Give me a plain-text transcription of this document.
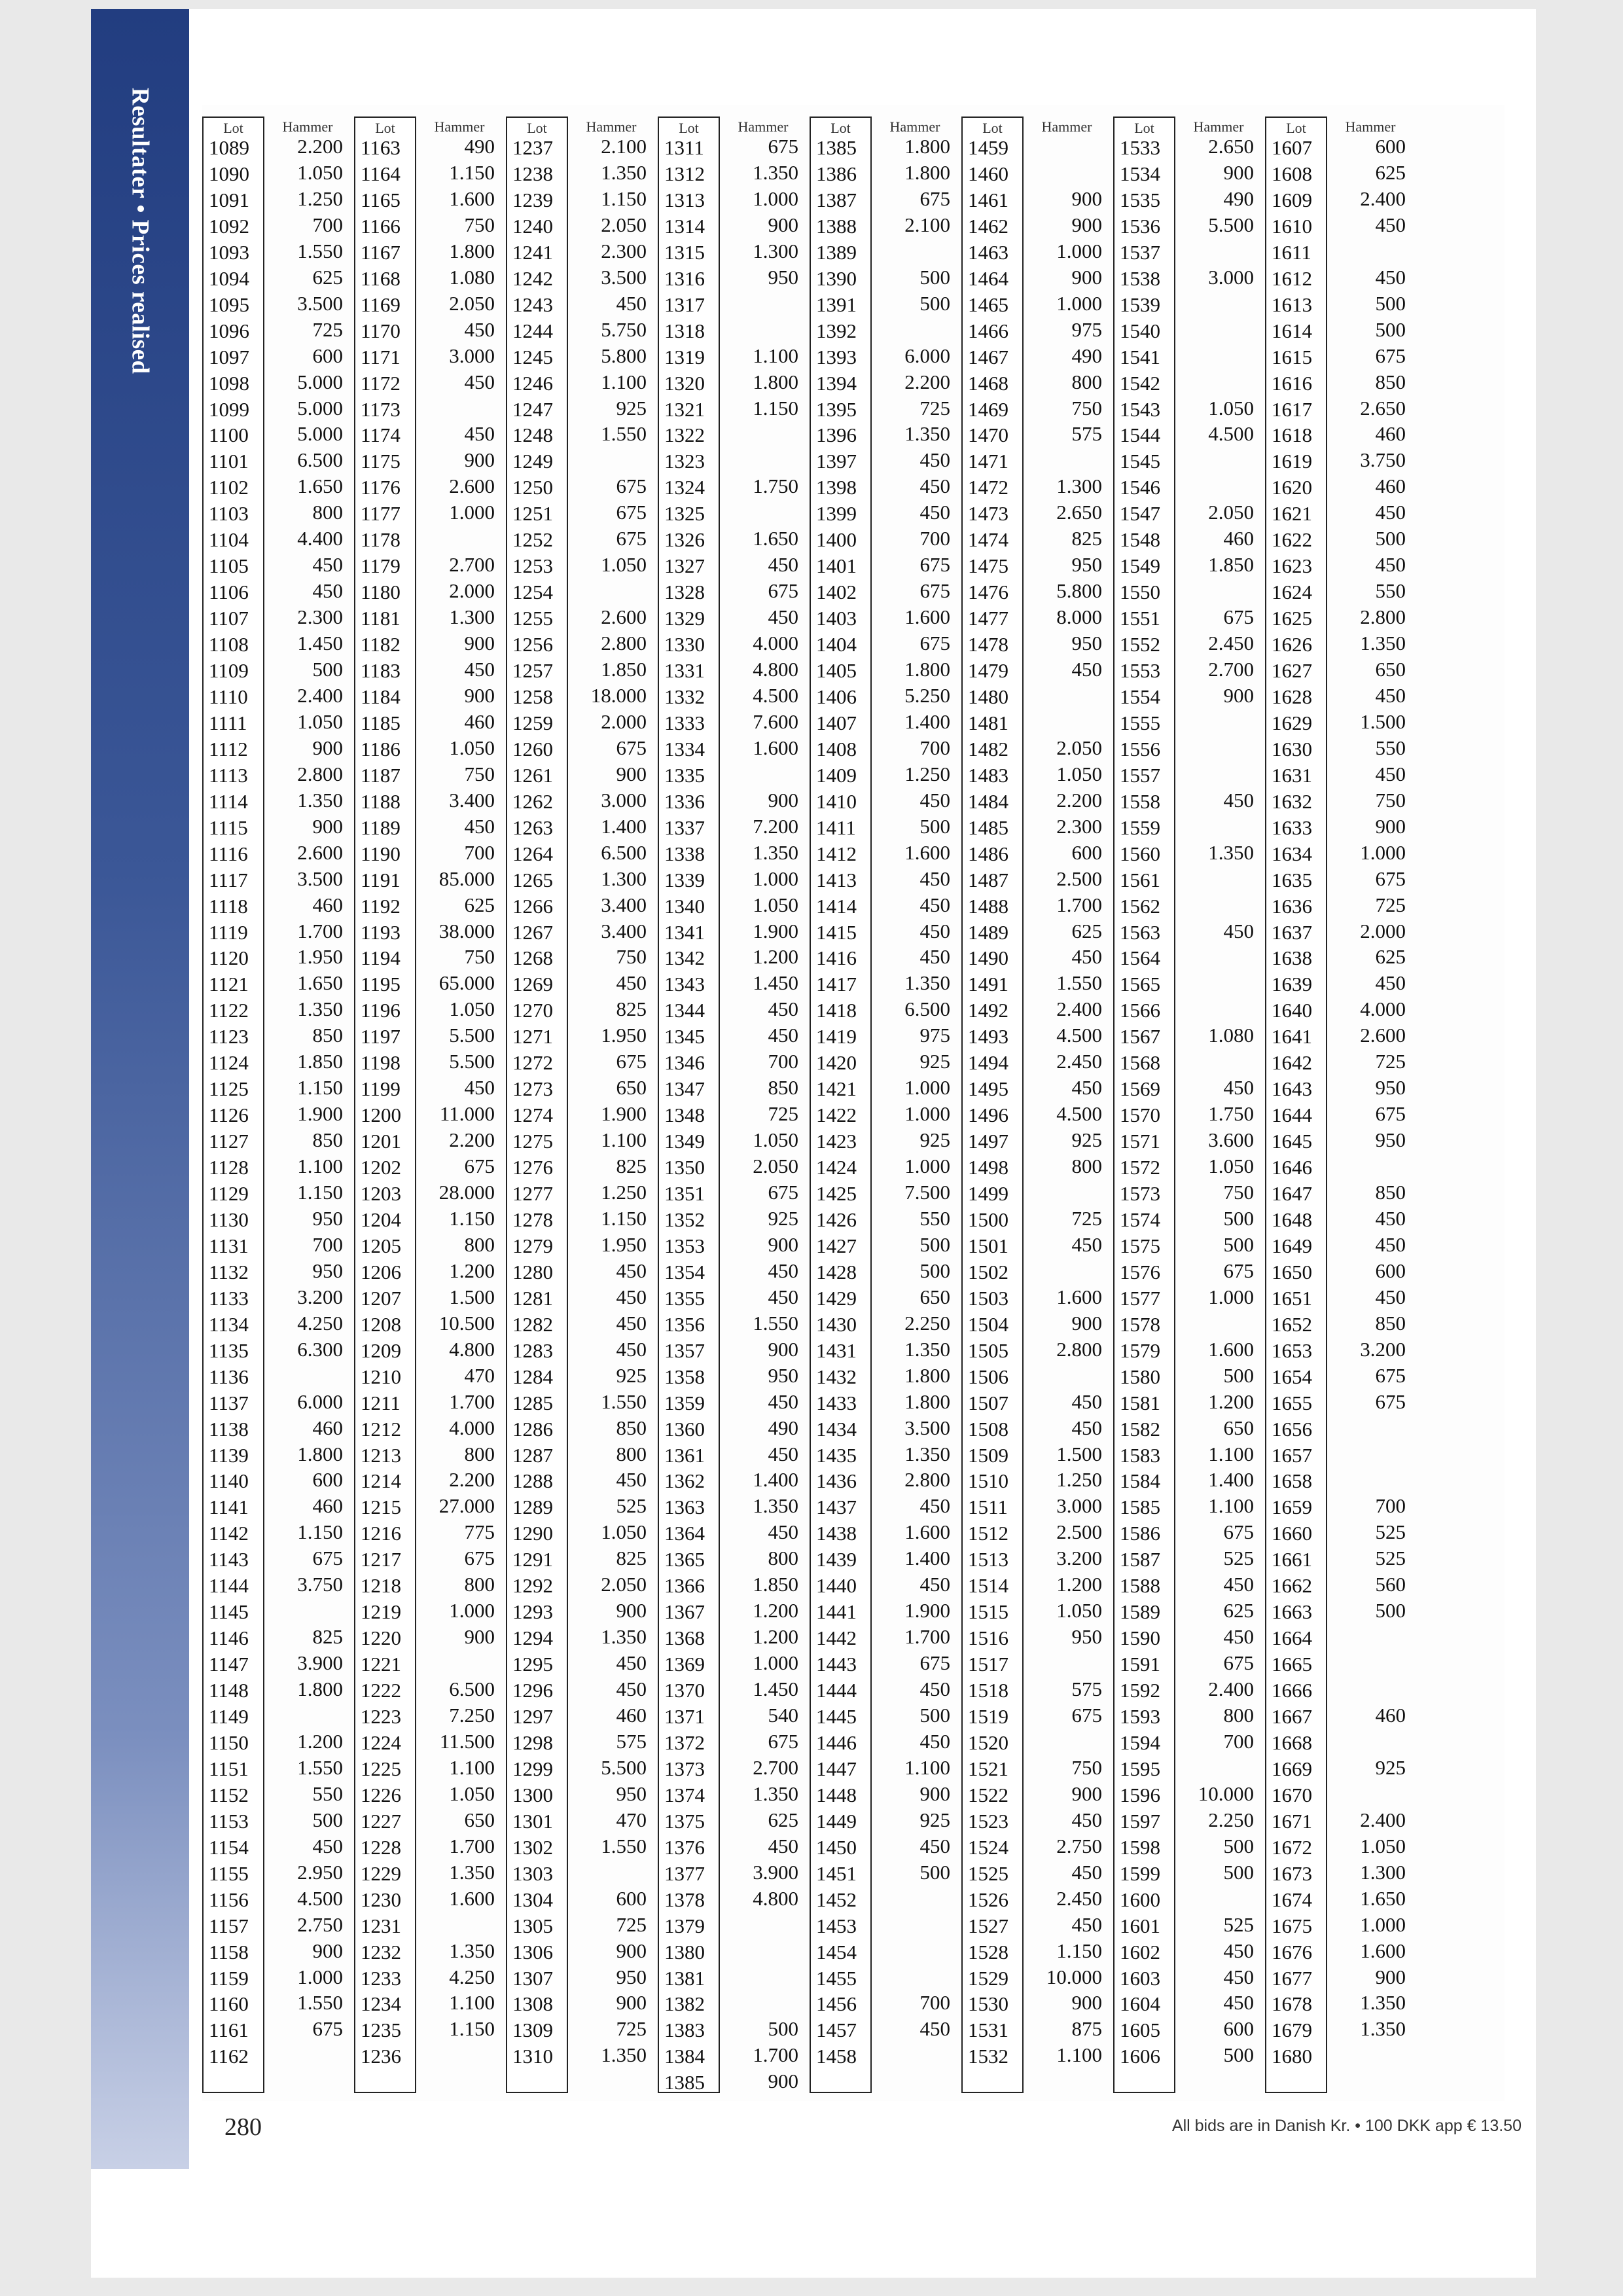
Resultater • Prices realised	Lot
1089
1090
1091
1092
1093
1094
1095
1096
1097
1098
1099
1100
1101
1102
1103
1104
1105
1106
1107
1108
1109
1110
1111
1112
1113
1114
1115
1116
1117
1118
1119
1120
1121
1122
1123
1124
1125
1126
1127
1128
1129
1130
1131
1132
1133
1134
1135
1136
1137
1138
1139
1140
1141
1142
1143
1144
1145
1146
1147
1148
1149
1150
1151
1152
1153
1154
1155
1156
1157
1158
1159
1160
1161
1162
Hammer
2.200
1.050
1.250
700
1.550
625
3.500
725
600
5.000
5.000
5.000
6.500
1.650
800
4.400
450
450
2.300
1.450
500
2.400
1.050
900
2.800
1.350
900
2.600
3.500
460
1.700
1.950
1.650
1.350
850
1.850
1.150
1.900
850
1.100
1.150
950
700
950
3.200
4.250
6.300
6.000
460
1.800
600
460
1.150
675
3.750
825
3.900
1.800
1.200
1.550
550
500
450
2.950
4.500
2.750
900
1.000
1.550
675
Lot
1163
1164
1165
1166
1167
1168
1169
1170
1171
1172
1173
1174
1175
1176
1177
1178
1179
1180
1181
1182
1183
1184
1185
1186
1187
1188
1189
1190
1191
1192
1193
1194
1195
1196
1197
1198
1199
1200
1201
1202
1203
1204
1205
1206
1207
1208
1209
1210
1211
1212
1213
1214
1215
1216
1217
1218
1219
1220
1221
1222
1223
1224
1225
1226
1227
1228
1229
1230
1231
1232
1233
1234
1235
1236
Hammer
490
1.150
1.600
750
1.800
1.080
2.050
450
3.000
450
450
900
2.600
1.000
2.700
2.000
1.300
900
450
900
460
1.050
750
3.400
450
700
85.000
625
38.000
750
65.000
1.050
5.500
5.500
450
11.000
2.200
675
28.000
1.150
800
1.200
1.500
10.500
4.800
470
1.700
4.000
800
2.200
27.000
775
675
800
1.000
900
6.500
7.250
11.500
1.100
1.050
650
1.700
1.350
1.600
1.350
4.250
1.100
1.150
Lot
1237
1238
1239
1240
1241
1242
1243
1244
1245
1246
1247
1248
1249
1250
1251
1252
1253
1254
1255
1256
1257
1258
1259
1260
1261
1262
1263
1264
1265
1266
1267
1268
1269
1270
1271
1272
1273
1274
1275
1276
1277
1278
1279
1280
1281
1282
1283
1284
1285
1286
1287
1288
1289
1290
1291
1292
1293
1294
1295
1296
1297
1298
1299
1300
1301
1302
1303
1304
1305
1306
1307
1308
1309
1310
Hammer
2.100
1.350
1.150
2.050
2.300
3.500
450
5.750
5.800
1.100
925
1.550
675
675
675
1.050
2.600
2.800
1.850
18.000
2.000
675
900
3.000
1.400
6.500
1.300
3.400
3.400
750
450
825
1.950
675
650
1.900
1.100
825
1.250
1.150
1.950
450
450
450
450
925
1.550
850
800
450
525
1.050
825
2.050
900
1.350
450
450
460
575
5.500
950
470
1.550
600
725
900
950
900
725
1.350
Lot
1311
1312
1313
1314
1315
1316
1317
1318
1319
1320
1321
1322
1323
1324
1325
1326
1327
1328
1329
1330
1331
1332
1333
1334
1335
1336
1337
1338
1339
1340
1341
1342
1343
1344
1345
1346
1347
1348
1349
1350
1351
1352
1353
1354
1355
1356
1357
1358
1359
1360
1361
1362
1363
1364
1365
1366
1367
1368
1369
1370
1371
1372
1373
1374
1375
1376
1377
1378
1379
1380
1381
1382
1383
1384
1385
Hammer
675
1.350
1.000
900
1.300
950
1.100
1.800
1.150
1.750
1.650
450
675
450
4.000
4.800
4.500
7.600
1.600
900
7.200
1.350
1.000
1.050
1.900
1.200
1.450
450
450
700
850
725
1.050
2.050
675
925
900
450
450
1.550
900
950
450
490
450
1.400
1.350
450
800
1.850
1.200
1.200
1.000
1.450
540
675
2.700
1.350
625
450
3.900
4.800
500
1.700
900
Lot
1385
1386
1387
1388
1389
1390
1391
1392
1393
1394
1395
1396
1397
1398
1399
1400
1401
1402
1403
1404
1405
1406
1407
1408
1409
1410
1411
1412
1413
1414
1415
1416
1417
1418
1419
1420
1421
1422
1423
1424
1425
1426
1427
1428
1429
1430
1431
1432
1433
1434
1435
1436
1437
1438
1439
1440
1441
1442
1443
1444
1445
1446
1447
1448
1449
1450
1451
1452
1453
1454
1455
1456
1457
1458
Hammer
1.800
1.800
675
2.100
500
500
6.000
2.200
725
1.350
450
450
450
700
675
675
1.600
675
1.800
5.250
1.400
700
1.250
450
500
1.600
450
450
450
450
1.350
6.500
975
925
1.000
1.000
925
1.000
7.500
550
500
500
650
2.250
1.350
1.800
1.800
3.500
1.350
2.800
450
1.600
1.400
450
1.900
1.700
675
450
500
450
1.100
900
925
450
500
700
450
Lot
1459
1460
1461
1462
1463
1464
1465
1466
1467
1468
1469
1470
1471
1472
1473
1474
1475
1476
1477
1478
1479
1480
1481
1482
1483
1484
1485
1486
1487
1488
1489
1490
1491
1492
1493
1494
1495
1496
1497
1498
1499
1500
1501
1502
1503
1504
1505
1506
1507
1508
1509
1510
1511
1512
1513
1514
1515
1516
1517
1518
1519
1520
1521
1522
1523
1524
1525
1526
1527
1528
1529
1530
1531
1532
Hammer
900
900
1.000
900
1.000
975
490
800
750
575
1.300
2.650
825
950
5.800
8.000
950
450
2.050
1.050
2.200
2.300
600
2.500
1.700
625
450
1.550
2.400
4.500
2.450
450
4.500
925
800
725
450
1.600
900
2.800
450
450
1.500
1.250
3.000
2.500
3.200
1.200
1.050
950
575
675
750
900
450
2.750
450
2.450
450
1.150
10.000
900
875
1.100
Lot
1533
1534
1535
1536
1537
1538
1539
1540
1541
1542
1543
1544
1545
1546
1547
1548
1549
1550
1551
1552
1553
1554
1555
1556
1557
1558
1559
1560
1561
1562
1563
1564
1565
1566
1567
1568
1569
1570
1571
1572
1573
1574
1575
1576
1577
1578
1579
1580
1581
1582
1583
1584
1585
1586
1587
1588
1589
1590
1591
1592
1593
1594
1595
1596
1597
1598
1599
1600
1601
1602
1603
1604
1605
1606
Hammer
2.650
900
490
5.500
3.000
1.050
4.500
2.050
460
1.850
675
2.450
2.700
900
450
1.350
450
1.080
450
1.750
3.600
1.050
750
500
500
675
1.000
1.600
500
1.200
650
1.100
1.400
1.100
675
525
450
625
450
675
2.400
800
700
10.000
2.250
500
500
525
450
450
450
600
500
Lot
1607
1608
1609
1610
1611
1612
1613
1614
1615
1616
1617
1618
1619
1620
1621
1622
1623
1624
1625
1626
1627
1628
1629
1630
1631
1632
1633
1634
1635
1636
1637
1638
1639
1640
1641
1642
1643
1644
1645
1646
1647
1648
1649
1650
1651
1652
1653
1654
1655
1656
1657
1658
1659
1660
1661
1662
1663
1664
1665
1666
1667
1668
1669
1670
1671
1672
1673
1674
1675
1676
1677
1678
1679
1680
Hammer
600
625
2.400
450
450
500
500
675
850
2.650
460
3.750
460
450
500
450
550
2.800
1.350
650
450
1.500
550
450
750
900
1.000
675
725
2.000
625
450
4.000
2.600
725
950
675
950
850
450
450
600
450
850
3.200
675
675
700
525
525
560
500
460
925
2.400
1.050
1.300
1.650
1.000
1.600
900
1.350
1.350
280	All bids are in Danish Kr. • 100 DKK app € 13.50
